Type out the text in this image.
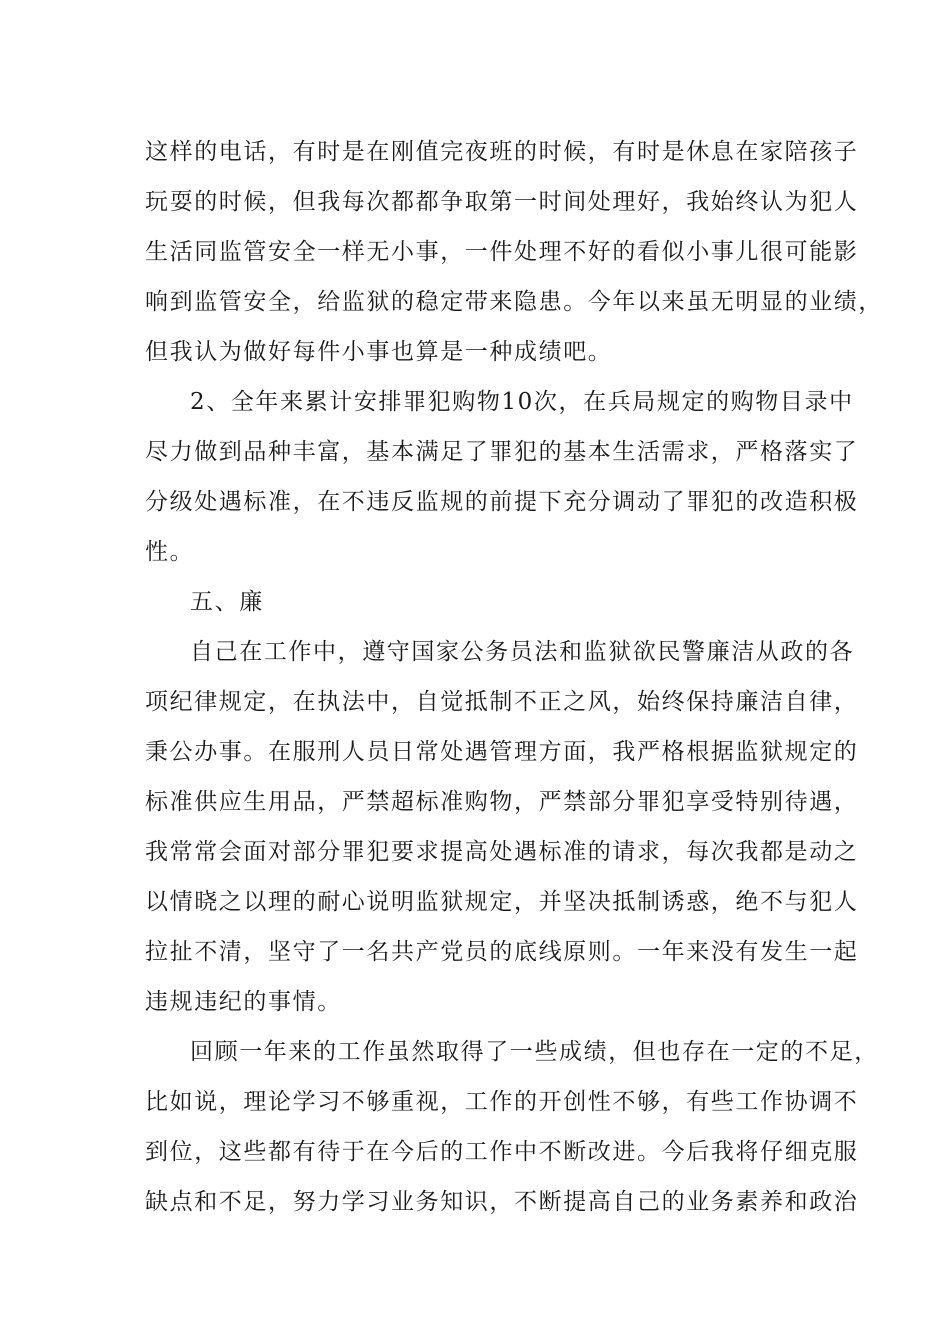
这样的电话，有时是在刚值完夜班的时候，有时是休息在家陪孩子
玩耍的时候，但我每次都都争取第一时间处理好，我始终认为犯人
生活同监管安全一样无小事，一件处理不好的看似小事儿很可能影
响到监管安全，给监狱的稳定带来隐患。今年以来虽无明显的业绩，
但我认为做好每件小事也算是一种成绩吧。
2、全年来累计安排罪犯购物10次，在兵局规定的购物目录中
尽力做到品种丰富，基本满足了罪犯的基本生活需求，严格落实了
分级处遇标准，在不违反监规的前提下充分调动了罪犯的改造积极
性。
五、廉
自己在工作中，遵守国家公务员法和监狱欲民警廉洁从政的各
项纪律规定，在执法中，自觉抵制不正之风，始终保持廉洁自律，
秉公办事。在服刑人员日常处遇管理方面，我严格根据监狱规定的
标准供应生用品，严禁超标准购物，严禁部分罪犯享受特别待遇，
我常常会面对部分罪犯要求提高处遇标准的请求，每次我都是动之
以情晓之以理的耐心说明监狱规定，并坚决抵制诱惑，绝不与犯人
拉扯不清，坚守了一名共产党员的底线原则。一年来没有发生一起
违规违纪的事情。
回顾一年来的工作虽然取得了一些成绩，但也存在一定的不足，
比如说，理论学习不够重视，工作的开创性不够，有些工作协调不
到位，这些都有待于在今后的工作中不断改进。今后我将仔细克服
缺点和不足，努力学习业务知识，不断提高自己的业务素养和政治
